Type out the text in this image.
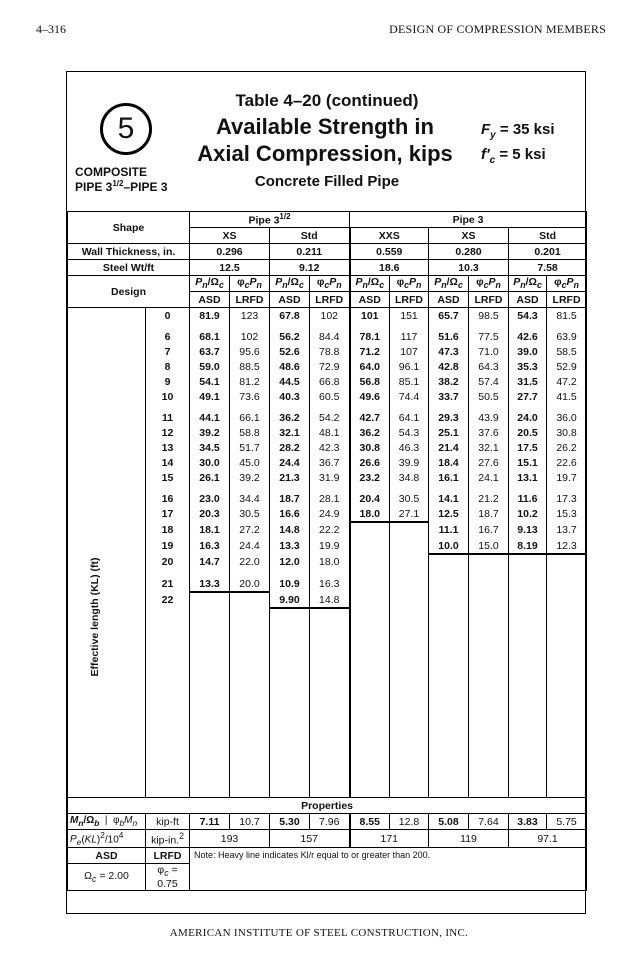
4–316	DESIGN OF COMPRESSION MEMBERS
5
COMPOSITE
PIPE $3^{1/2}$–PIPE 3
Table 4–20 (continued)
Available Strength in
Axial Compression, kips
Concrete Filled Pipe
$F_y = 35$ ksi
$f'_c = 5$ ksi
Shape		Pipe $3^{1/2}$				Pipe 3					
		XS		Std		XXS		XS		Std	
Wall Thickness, in.		0.296		0.211		0.559		0.280		0.201	
Steel Wt/ft		12.5		9.12		18.6		10.3		7.58	
Design		$P_n/\Omega_c$	$\varphi_cP_n$	$P_n/\Omega_c$	$\varphi_cP_n$	$P_n/\Omega_c$	$\varphi_cP_n$	$P_n/\Omega_c$	$\varphi_cP_n$	$P_n/\Omega_c$	$\varphi_cP_n$
		ASD	LRFD	ASD	LRFD	ASD	LRFD	ASD	LRFD	ASD	LRFD
	0	81.9	123	67.8	102	101	151	65.7	98.5	54.3	81.5
	6	68.1	102	56.2	84.4	78.1	117	51.6	77.5	42.6	63.9
	7	63.7	95.6	52.6	78.8	71.2	107	47.3	71.0	39.0	58.5
	8	59.0	88.5	48.6	72.9	64.0	96.1	42.8	64.3	35.3	52.9
	9	54.1	81.2	44.5	66.8	56.8	85.1	38.2	57.4	31.5	47.2
	10	49.1	73.6	40.3	60.5	49.6	74.4	33.7	50.5	27.7	41.5
	11	44.1	66.1	36.2	54.2	42.7	64.1	29.3	43.9	24.0	36.0
	12	39.2	58.8	32.1	48.1	36.2	54.3	25.1	37.6	20.5	30.8
	13	34.5	51.7	28.2	42.3	30.8	46.3	21.4	32.1	17.5	26.2
	14	30.0	45.0	24.4	36.7	26.6	39.9	18.4	27.6	15.1	22.6
	15	26.1	39.2	21.3	31.9	23.2	34.8	16.1	24.1	13.1	19.7
	16	23.0	34.4	18.7	28.1	20.4	30.5	14.1	21.2	11.6	17.3
	17	20.3	30.5	16.6	24.9	18.0	27.1	12.5	18.7	10.2	15.3
	18	18.1	27.2	14.8	22.2			11.1	16.7	9.13	13.7
	19	16.3	24.4	13.3	19.9			10.0	15.0	8.19	12.3
	20	14.7	22.0	12.0	18.0						
	21	13.3	20.0	10.9	16.3						
	22			9.90	14.8						

Properties											
$M_n/\Omega_b$  |  $\varphi_bM_n$	kip-ft	7.11	10.7	5.30	7.96	8.55	12.8	5.08	7.64	3.83	5.75
$P_e(KL)^2/10^4$	kip-in.$^2$	193		157		171		119		97.1	
ASD	LRFD	Note: Heavy line indicates Kl/r equal to or greater than 200.									
$\Omega_c = 2.00$	$\varphi_c = 0.75$										
Effective length (KL) (ft)
AMERICAN INSTITUTE OF STEEL CONSTRUCTION, INC.
